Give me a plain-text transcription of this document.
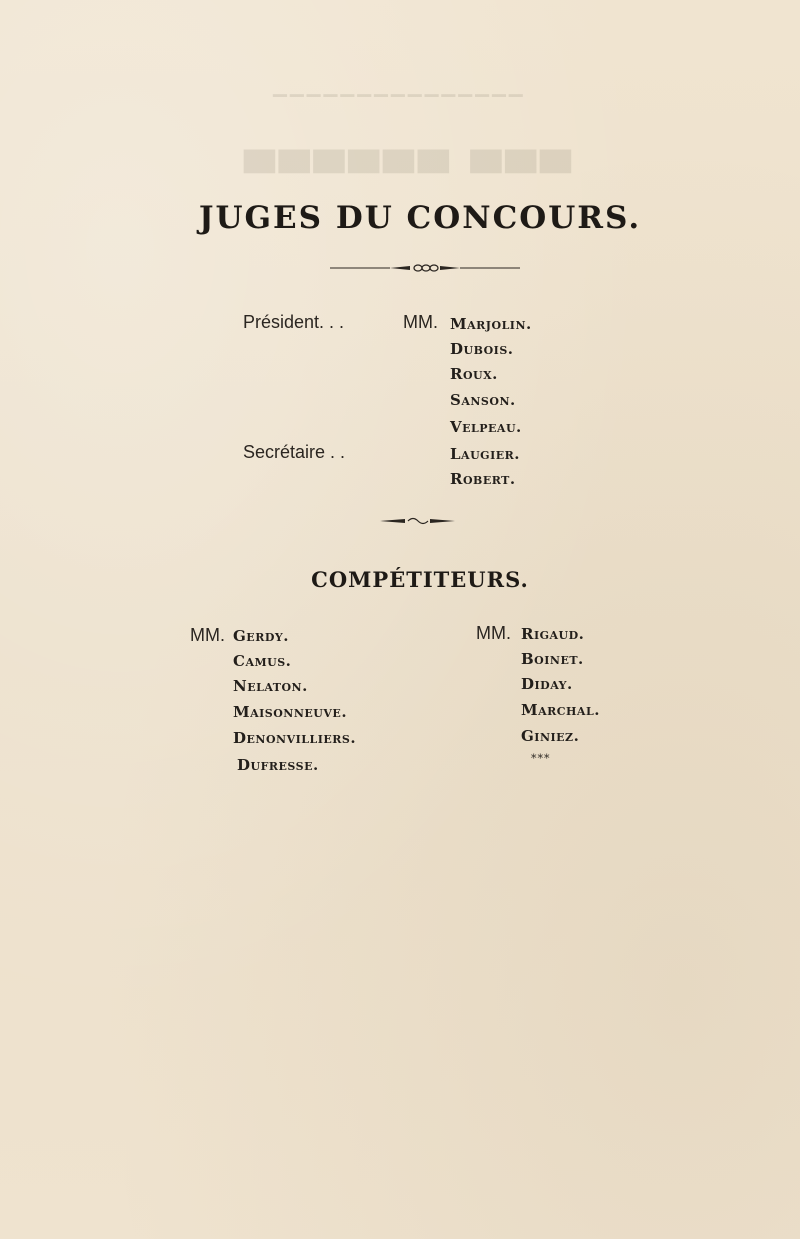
▔▔▔▔▔▔▔▔▔▔▔▔▔▔▔
▀▀▀ ▀▀▀▀▀▀
JUGES DU CONCOURS.
Président. . .	MM. Marjolin.
Dubois.
Roux.
Sanson.
Velpeau.
Secrétaire . .	Laugier.
Robert.
COMPÉTITEURS.
MM. Gerdy.
Camus.
Nelaton.
Maisonneuve.
Denonvilliers.
Dufresse.
MM. Rigaud.
Boinet.
Diday.
Marchal.
Giniez.
***
